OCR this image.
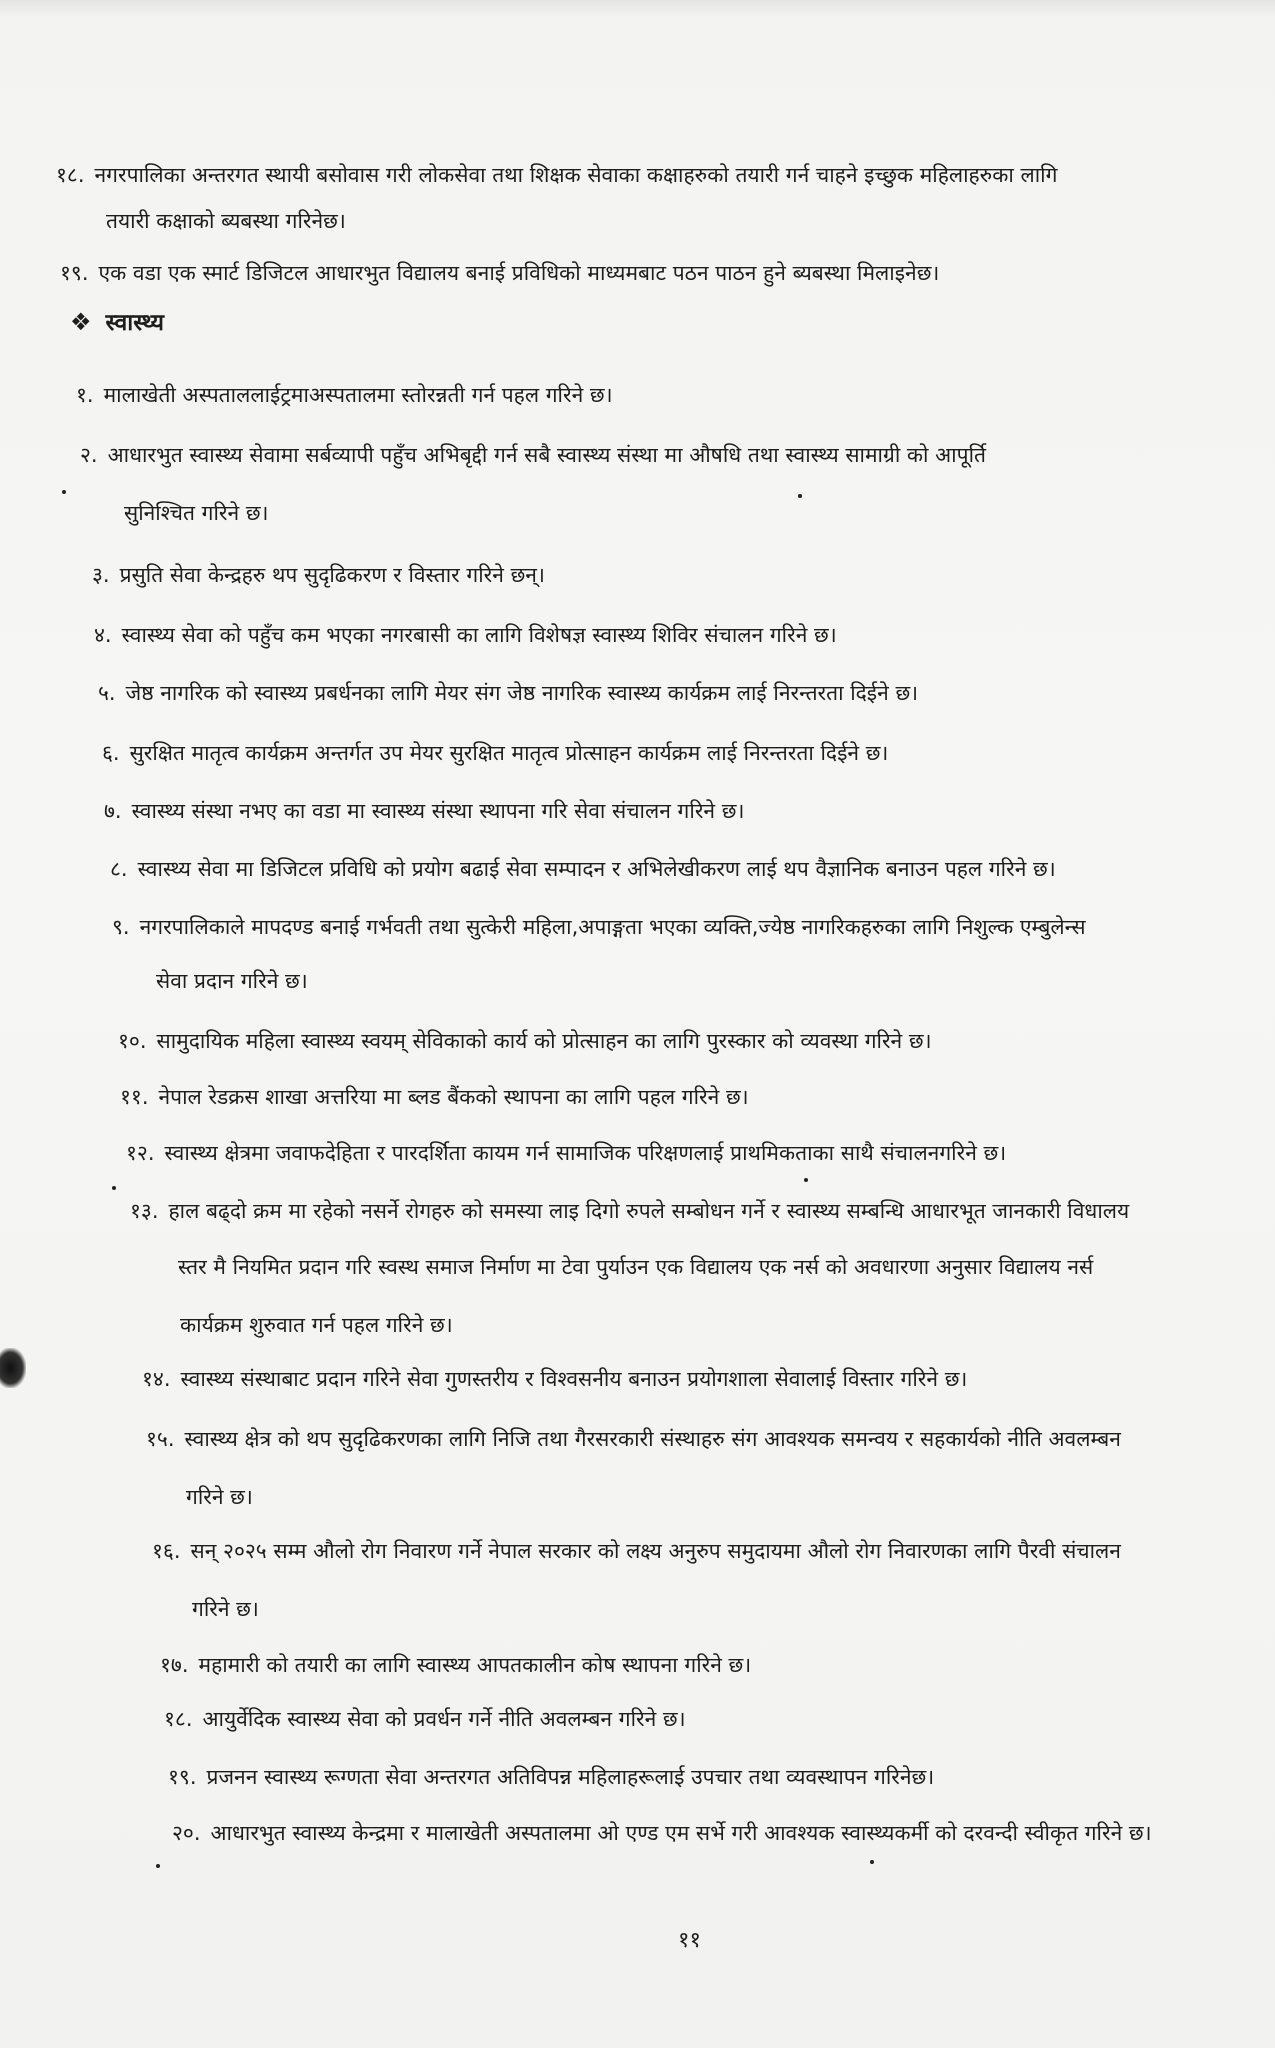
१८. नगरपालिका अन्तरगत स्थायी बसोवास गरी लोकसेवा तथा शिक्षक सेवाका कक्षाहरुको तयारी गर्न चाहने इच्छुक महिलाहरुका लागि
तयारी कक्षाको ब्यबस्था गरिनेछ।
१९. एक वडा एक स्मार्ट डिजिटल आधारभुत विद्यालय बनाई प्रविधिको माध्यमबाट पठन पाठन हुने ब्यबस्था मिलाइनेछ।
❖ स्वास्थ्य
१. मालाखेती अस्पताललाईट्रमाअस्पतालमा स्तोरन्नती गर्न पहल गरिने छ।
२. आधारभुत स्वास्थ्य सेवामा सर्बव्यापी पहुँच अभिबृद्दी गर्न सबै स्वास्थ्य संस्था मा औषधि तथा स्वास्थ्य सामाग्री को आपूर्ति
सुनिश्चित गरिने छ।
३. प्रसुति सेवा केन्द्रहरु थप सुदृढिकरण र विस्तार गरिने छन्।
४. स्वास्थ्य सेवा को पहुँच कम भएका नगरबासी का लागि विशेषज्ञ स्वास्थ्य शिविर संचालन गरिने छ।
५. जेष्ठ नागरिक को स्वास्थ्य प्रबर्धनका लागि मेयर संग जेष्ठ नागरिक स्वास्थ्य कार्यक्रम लाई निरन्तरता दिईने छ।
६. सुरक्षित मातृत्व कार्यक्रम अन्तर्गत उप मेयर सुरक्षित मातृत्व प्रोत्साहन कार्यक्रम लाई निरन्तरता दिईने छ।
७. स्वास्थ्य संस्था नभए का वडा मा स्वास्थ्य संस्था स्थापना गरि सेवा संचालन गरिने छ।
८. स्वास्थ्य सेवा मा डिजिटल प्रविधि को प्रयोग बढाई सेवा सम्पादन र अभिलेखीकरण लाई थप वैज्ञानिक बनाउन पहल गरिने छ।
९. नगरपालिकाले मापदण्ड बनाई गर्भवती तथा सुत्केरी महिला,अपाङ्गता भएका व्यक्ति,ज्येष्ठ नागरिकहरुका लागि निशुल्क एम्बुलेन्स
सेवा प्रदान गरिने छ।
१०. सामुदायिक महिला स्वास्थ्य स्वयम् सेविकाको कार्य को प्रोत्साहन का लागि पुरस्कार को व्यवस्था गरिने छ।
११. नेपाल रेडक्रस शाखा अत्तरिया मा ब्लड बैंकको स्थापना का लागि पहल गरिने छ।
१२. स्वास्थ्य क्षेत्रमा जवाफदेहिता र पारदर्शिता कायम गर्न सामाजिक परिक्षणलाई प्राथमिकताका साथै संचालनगरिने छ।
१३. हाल बढ्दो क्रम मा रहेको नसर्ने रोगहरु को समस्या लाइ दिगो रुपले सम्बोधन गर्ने र स्वास्थ्य सम्बन्धि आधारभूत जानकारी विधालय
स्तर मै नियमित प्रदान गरि स्वस्थ समाज निर्माण मा टेवा पुर्याउन एक विद्यालय एक नर्स को अवधारणा अनुसार विद्यालय नर्स
कार्यक्रम शुरुवात गर्न पहल गरिने छ।
१४. स्वास्थ्य संस्थाबाट प्रदान गरिने सेवा गुणस्तरीय र विश्वसनीय बनाउन प्रयोगशाला सेवालाई विस्तार गरिने छ।
१५. स्वास्थ्य क्षेत्र को थप सुदृढिकरणका लागि निजि तथा गैरसरकारी संस्थाहरु संग आवश्यक समन्वय र सहकार्यको नीति अवलम्बन
गरिने छ।
१६. सन् २०२५ सम्म औलो रोग निवारण गर्ने नेपाल सरकार को लक्ष्य अनुरुप समुदायमा औलो रोग निवारणका लागि पैरवी संचालन
गरिने छ।
१७. महामारी को तयारी का लागि स्वास्थ्य आपतकालीन कोष स्थापना गरिने छ।
१८. आयुर्वेदिक स्वास्थ्य सेवा को प्रवर्धन गर्ने नीति अवलम्बन गरिने छ।
१९. प्रजनन स्वास्थ्य रूग्णता सेवा अन्तरगत अतिविपन्न महिलाहरूलाई उपचार तथा व्यवस्थापन गरिनेछ।
२०. आधारभुत स्वास्थ्य केन्द्रमा र मालाखेती अस्पतालमा ओ एण्ड एम सर्भे गरी आवश्यक स्वास्थ्यकर्मी को दरवन्दी स्वीकृत गरिने छ।
११
